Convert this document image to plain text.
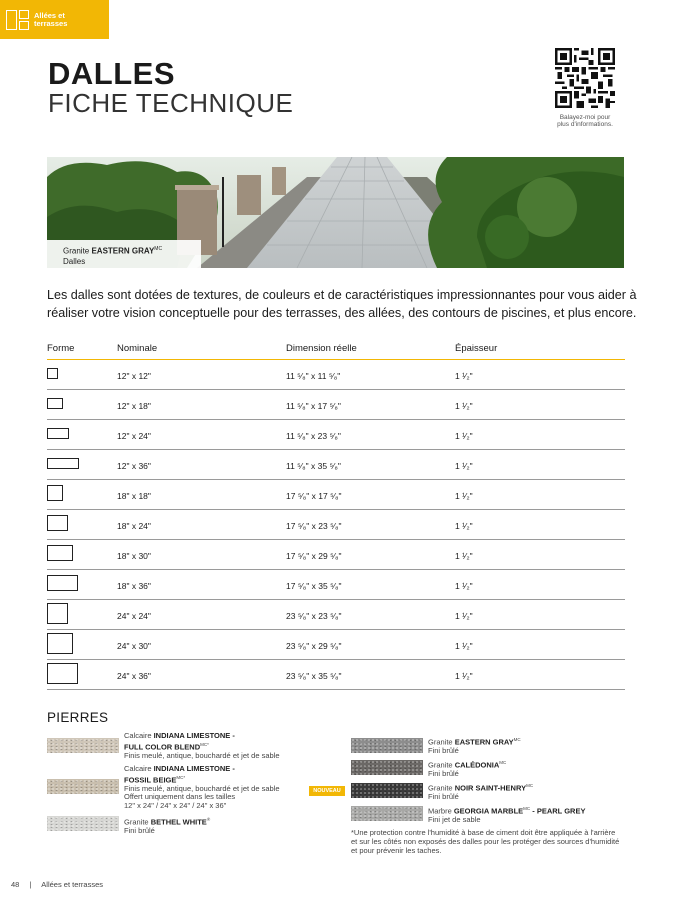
Allées et terrasses
DALLES
FICHE TECHNIQUE	Balayez-moi pour plus d'informations.
Granite EASTERN $GRAY^{MC}$
Dalles
Les dalles sont dotées de textures, de couleurs et de caractéristiques impressionnantes pour vous aider à réaliser votre vision conceptuelle pour des terrasses, des allées, des contours de piscines, et plus encore.
Forme	Nominale	Dimension réelle	Épaisseur
12" x 12"	11 ⁵⁄₈" x 11 ⁵⁄₈"	1 ¹⁄₂"
12" x 18"	11 ⁵⁄₈" x 17 ⁵⁄₈"	1 ¹⁄₂"
12" x 24"	11 ⁵⁄₈" x 23 ⁵⁄₈"	1 ¹⁄₂"
12" x 36"	11 ⁵⁄₈" x 35 ⁵⁄₈"	1 ¹⁄₂"
18" x 18"	17 ⁵⁄₈" x 17 ⁵⁄₈"	1 ¹⁄₂"
18" x 24"	17 ⁵⁄₈" x 23 ⁵⁄₈"	1 ¹⁄₂"
18" x 30"	17 ⁵⁄₈" x 29 ⁵⁄₈"	1 ¹⁄₂"
18" x 36"	17 ⁵⁄₈" x 35 ⁵⁄₈"	1 ¹⁄₂"
24" x 24"	23 ⁵⁄₈" x 23 ⁵⁄₈"	1 ¹⁄₂"
24" x 30"	23 ⁵⁄₈" x 29 ⁵⁄₈"	1 ¹⁄₂"
24" x 36"	23 ⁵⁄₈" x 35 ⁵⁄₈"	1 ¹⁄₂"
PIERRES
Calcaire INDIANA LIMESTONE -
FULL COLOR $BLEND^{MC*}$
Finis meulé, antique, bouchardé et jet de sable
Calcaire INDIANA LIMESTONE -
FOSSIL $BEIGE^{MC*}$
Finis meulé, antique, bouchardé et jet de sable
Offert uniquement dans les tailles
12" x 24" / 24" x 24" / 24" x 36"
Granite BETHEL WHITE®
Fini brûlé
NOUVEAU
Granite EASTERN $GRAY^{MC}$
Fini brûlé
Granite $CALÉDONIA^{MC}$
Fini brûlé
Granite NOIR SAINT-$HENRY^{MC}$
Fini brûlé
Marbre GEORGIA $MARBLE^{MC}$ - PEARL GREY
Fini jet de sable
*Une protection contre l'humidité à base de ciment doit être appliquée à l'arrière et sur les côtés non exposés des dalles pour les protéger des sources d'humidité et pour prévenir les taches.
48 | Allées et terrasses
